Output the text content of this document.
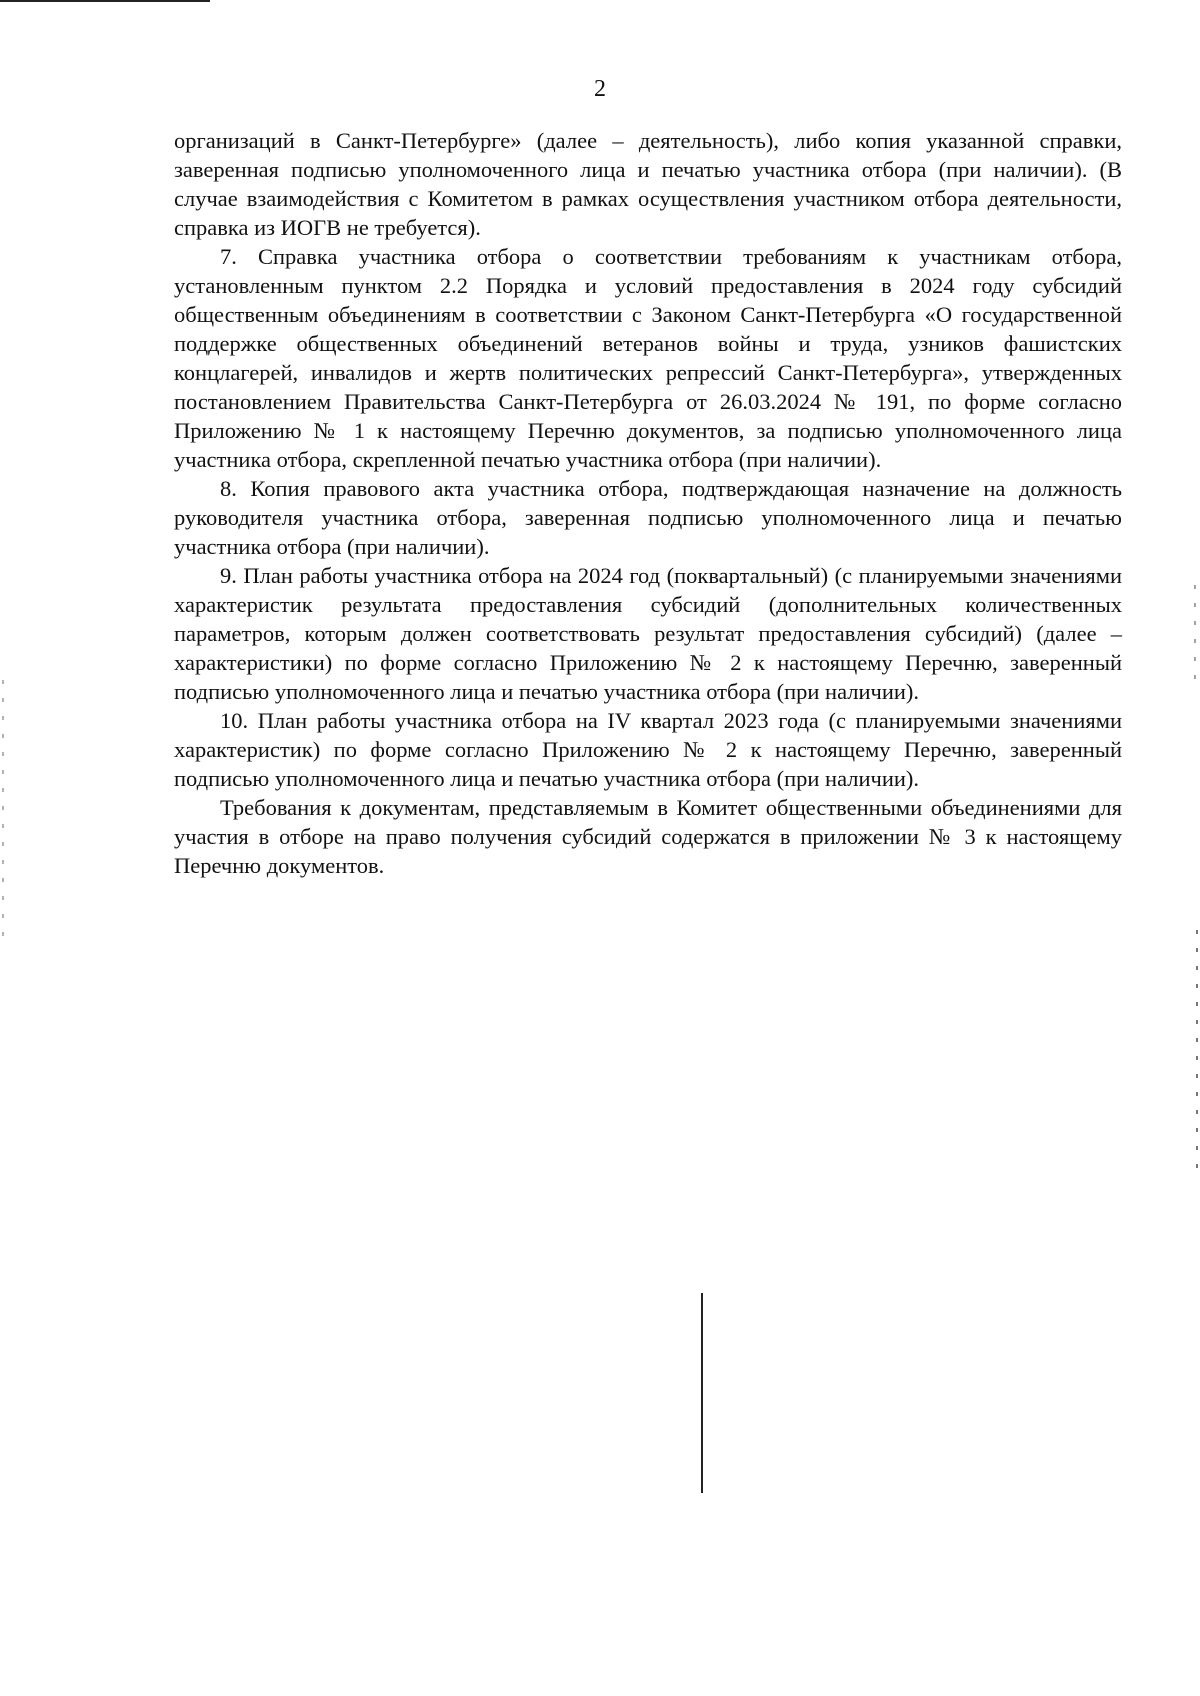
2

организаций в Санкт-Петербурге» (далее – деятельность), либо копия указанной справки, заверенная подписью уполномоченного лица и печатью участника отбора (при наличии). (В случае взаимодействия с Комитетом в рамках осуществления участником отбора деятельности, справка из ИОГВ не требуется).

7. Справка участника отбора о соответствии требованиям к участникам отбора, установленным пунктом 2.2 Порядка и условий предоставления в 2024 году субсидий общественным объединениям в соответствии с Законом Санкт-Петербурга «О государственной поддержке общественных объединений ветеранов войны и труда, узников фашистских концлагерей, инвалидов и жертв политических репрессий Санкт-Петербурга», утвержденных постановлением Правительства Санкт-Петербурга от 26.03.2024 № 191, по форме согласно Приложению № 1 к настоящему Перечню документов, за подписью уполномоченного лица участника отбора, скрепленной печатью участника отбора (при наличии).

8. Копия правового акта участника отбора, подтверждающая назначение на должность руководителя участника отбора, заверенная подписью уполномоченного лица и печатью участника отбора (при наличии).

9. План работы участника отбора на 2024 год (поквартальный) (с планируемыми значениями характеристик результата предоставления субсидий (дополнительных количественных параметров, которым должен соответствовать результат предоставления субсидий) (далее – характеристики) по форме согласно Приложению № 2 к настоящему Перечню, заверенный подписью уполномоченного лица и печатью участника отбора (при наличии).

10. План работы участника отбора на IV квартал 2023 года (с планируемыми значениями характеристик) по форме согласно Приложению № 2 к настоящему Перечню, заверенный подписью уполномоченного лица и печатью участника отбора (при наличии).

Требования к документам, представляемым в Комитет общественными объединениями для участия в отборе на право получения субсидий содержатся в приложении № 3 к настоящему Перечню документов.
